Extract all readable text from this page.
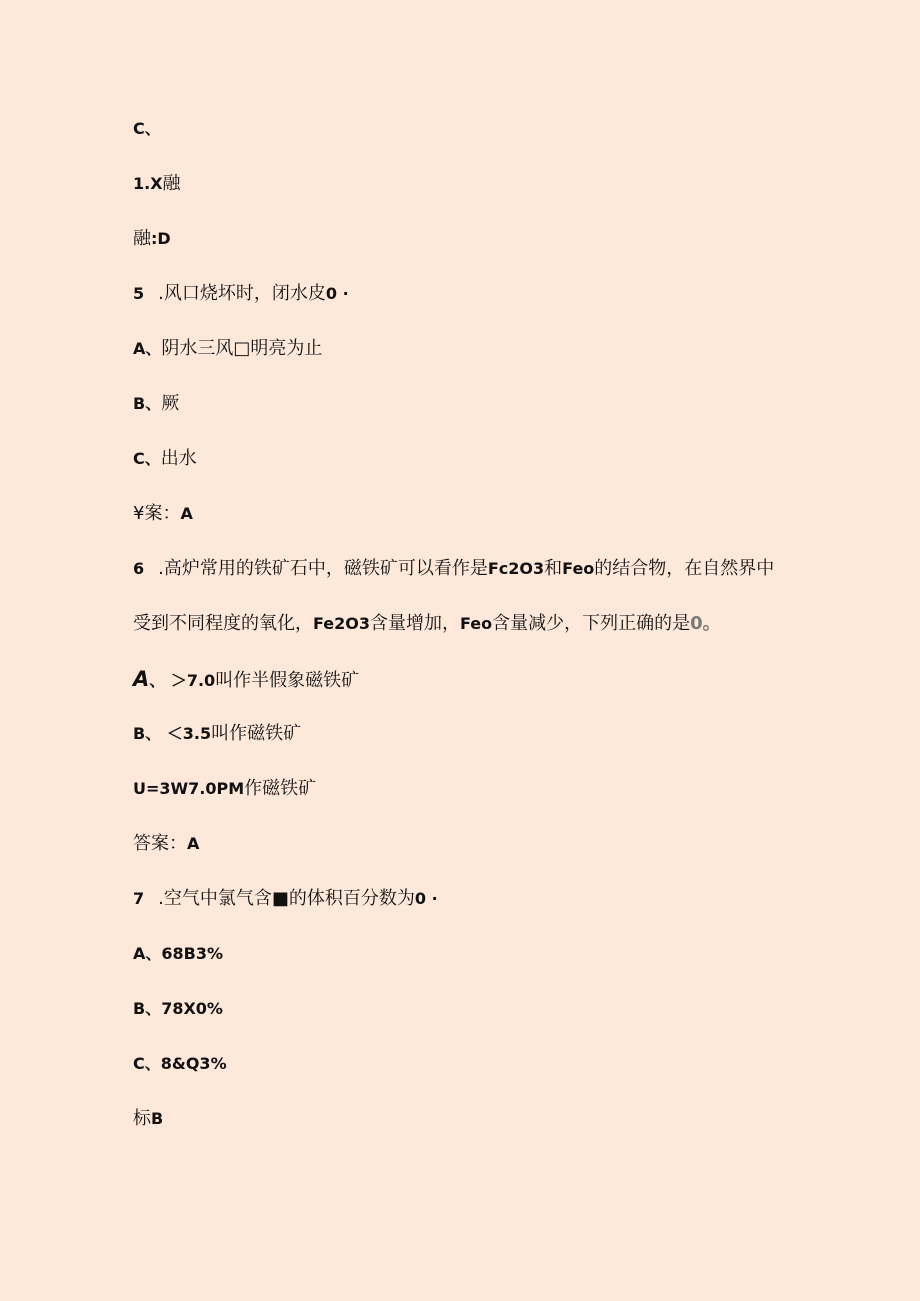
C、
1.X融
融:D
5 .风口烧坏时，闭水皮0 ·
A、阴水三风□明亮为止
B、厥
C、出水
¥案：A
6 .高炉常用的铁矿石中，磁铁矿可以看作是Fc2O3和Feo的结合物，在自然界中
受到不同程度的氧化，Fe2O3含量增加，Feo含量减少，下列正确的是0。
A、 ＞7.0叫作半假象磁铁矿
B、 ＜3.5叫作磁铁矿
U=3W7.0PM作磁铁矿
答案：A
7 .空气中氯气含■的体积百分数为0 ·
A、68B3%
B、78X0%
C、8&Q3%
标B
